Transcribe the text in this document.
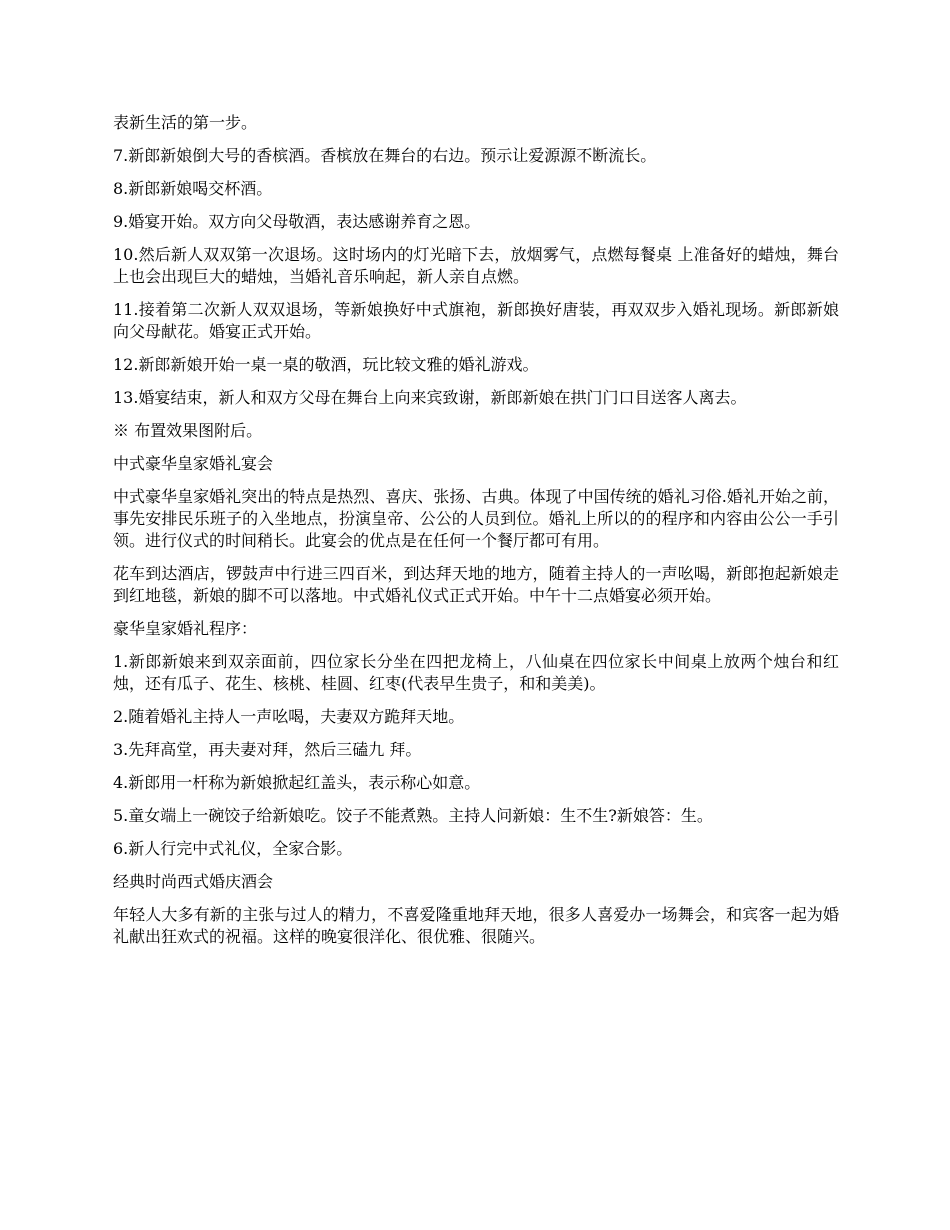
表新生活的第一步。

7.新郎新娘倒大号的香槟酒。香槟放在舞台的右边。预示让爱源源不断流长。

8.新郎新娘喝交杯酒。

9.婚宴开始。双方向父母敬酒，表达感谢养育之恩。

10.然后新人双双第一次退场。这时场内的灯光暗下去，放烟雾气，点燃每餐桌 上准备好的蜡烛，舞台上也会出现巨大的蜡烛，当婚礼音乐响起，新人亲自点燃。

11.接着第二次新人双双退场，等新娘换好中式旗袍，新郎换好唐装，再双双步入婚礼现场。新郎新娘向父母献花。婚宴正式开始。

12.新郎新娘开始一桌一桌的敬酒，玩比较文雅的婚礼游戏。

13.婚宴结束，新人和双方父母在舞台上向来宾致谢，新郎新娘在拱门门口目送客人离去。

※ 布置效果图附后。

中式豪华皇家婚礼宴会

中式豪华皇家婚礼突出的特点是热烈、喜庆、张扬、古典。体现了中国传统的婚礼习俗.婚礼开始之前，事先安排民乐班子的入坐地点，扮演皇帝、公公的人员到位。婚礼上所以的的程序和内容由公公一手引领。进行仪式的时间稍长。此宴会的优点是在任何一个餐厅都可有用。

花车到达酒店，锣鼓声中行进三四百米，到达拜天地的地方，随着主持人的一声吆喝，新郎抱起新娘走到红地毯，新娘的脚不可以落地。中式婚礼仪式正式开始。中午十二点婚宴必须开始。

豪华皇家婚礼程序：

1.新郎新娘来到双亲面前，四位家长分坐在四把龙椅上，八仙桌在四位家长中间桌上放两个烛台和红烛，还有瓜子、花生、核桃、桂圆、红枣(代表早生贵子，和和美美)。

2.随着婚礼主持人一声吆喝，夫妻双方跪拜天地。

3.先拜高堂，再夫妻对拜，然后三磕九 拜。

4.新郎用一杆称为新娘掀起红盖头，表示称心如意。

5.童女端上一碗饺子给新娘吃。饺子不能煮熟。主持人问新娘：生不生?新娘答：生。

6.新人行完中式礼仪，全家合影。

经典时尚西式婚庆酒会

年轻人大多有新的主张与过人的精力，不喜爱隆重地拜天地，很多人喜爱办一场舞会，和宾客一起为婚礼献出狂欢式的祝福。这样的晚宴很洋化、很优雅、很随兴。
